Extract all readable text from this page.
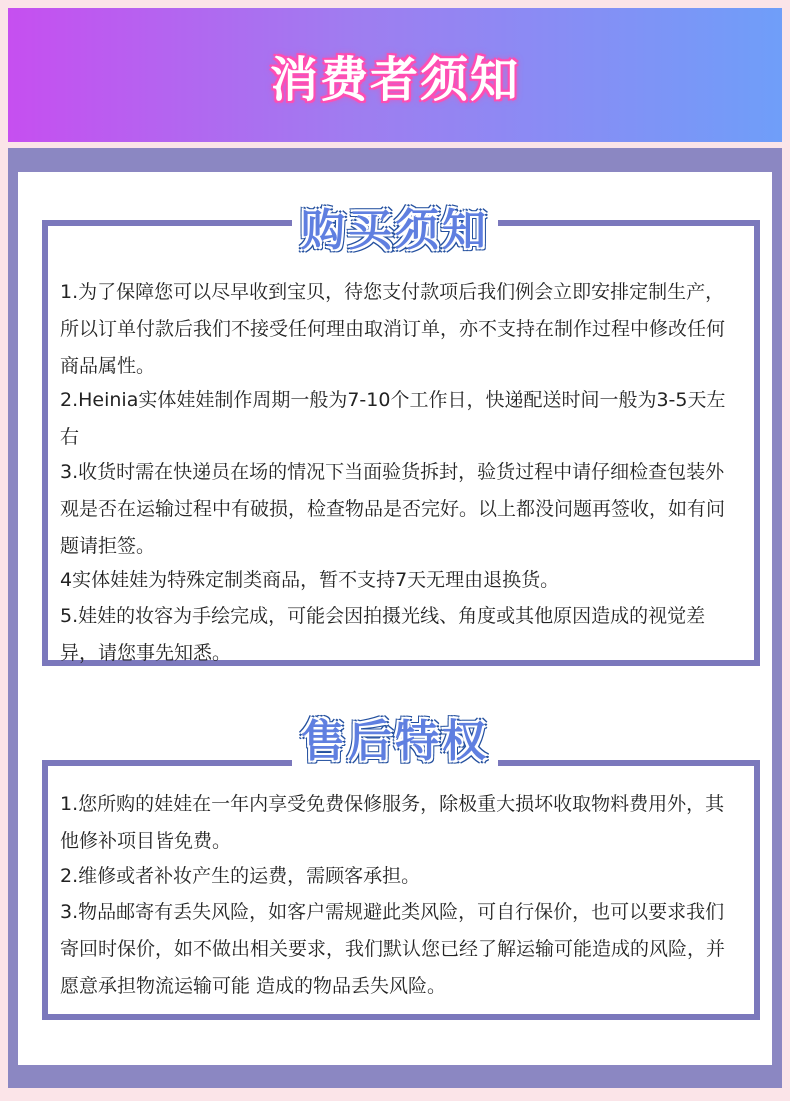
消费者须知
购买须知
1.为了保障您可以尽早收到宝贝，待您支付款项后我们例会立即安排定制生产，所以订单付款后我们不接受任何理由取消订单，亦不支持在制作过程中修改任何商品属性。
2.Heinia实体娃娃制作周期一般为7-10个工作日，快递配送时间一般为3-5天左右
3.收货时需在快递员在场的情况下当面验货拆封，验货过程中请仔细检查包装外观是否在运输过程中有破损，检查物品是否完好。以上都没问题再签收，如有问题请拒签。
4实体娃娃为特殊定制类商品，暂不支持7天无理由退换货。
5.娃娃的妆容为手绘完成，可能会因拍摄光线、角度或其他原因造成的视觉差异，请您事先知悉。
售后特权
1.您所购的娃娃在一年内享受免费保修服务，除极重大损坏收取物料费用外，其他修补项目皆免费。
2.维修或者补妆产生的运费，需顾客承担。
3.物品邮寄有丢失风险，如客户需规避此类风险，可自行保价，也可以要求我们寄回时保价，如不做出相关要求，我们默认您已经了解运输可能造成的风险，并愿意承担物流运输可能 造成的物品丢失风险。
